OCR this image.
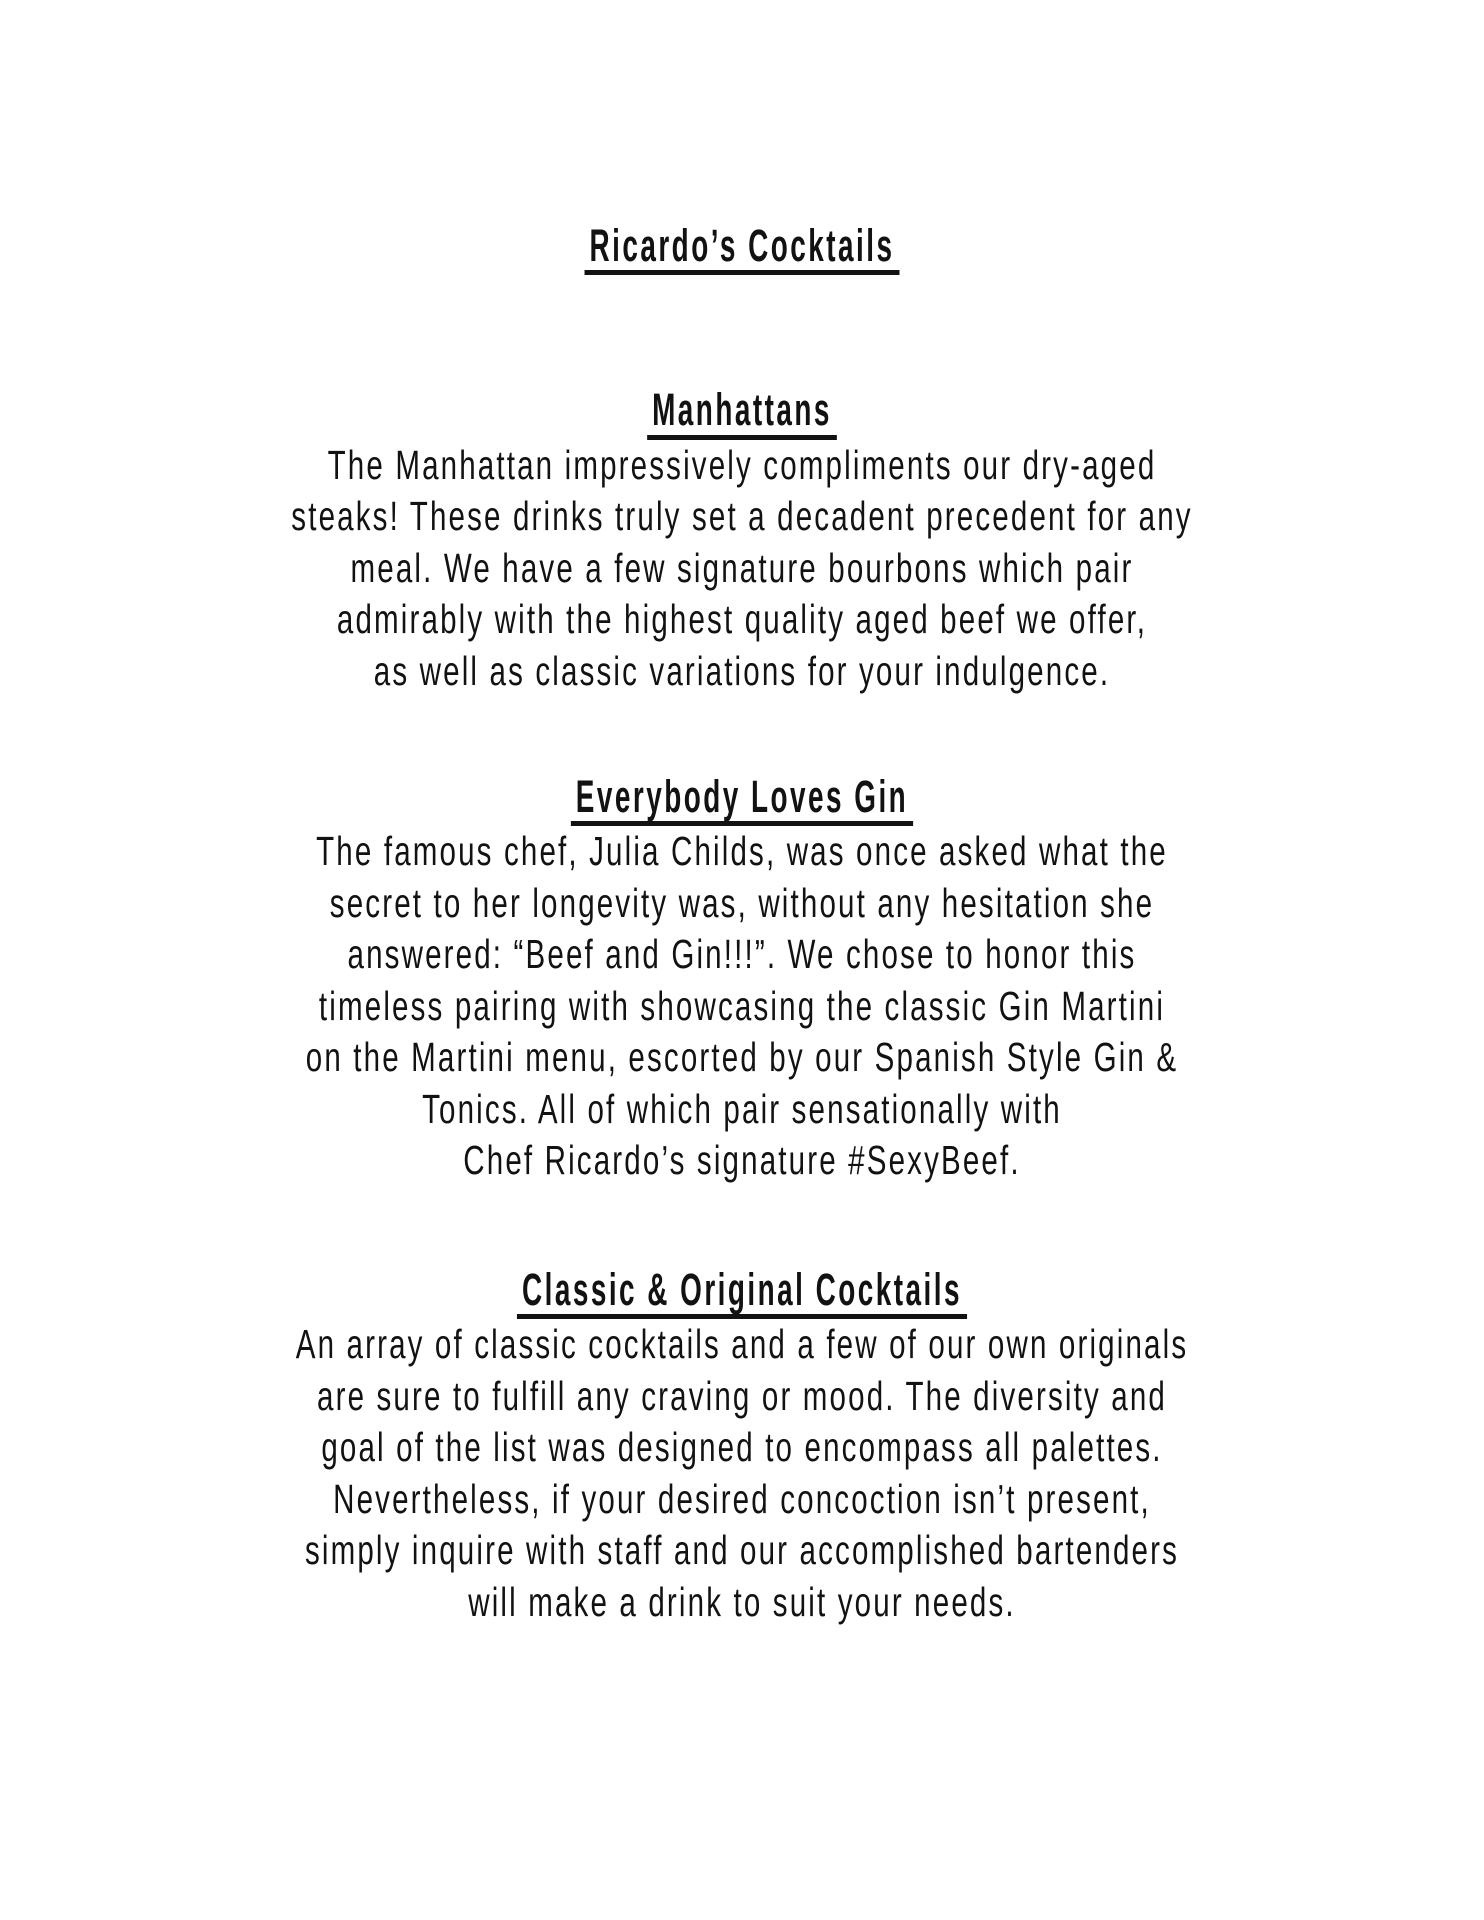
Ricardo’s Cocktails
Manhattans
The Manhattan impressively compliments our dry-aged
steaks! These drinks truly set a decadent precedent for any
meal. We have a few signature bourbons which pair
admirably with the highest quality aged beef we offer,
as well as classic variations for your indulgence.
Everybody Loves Gin
The famous chef, Julia Childs, was once asked what the
secret to her longevity was, without any hesitation she
answered: “Beef and Gin!!!”. We chose to honor this
timeless pairing with showcasing the classic Gin Martini
on the Martini menu, escorted by our Spanish Style Gin &
Tonics. All of which pair sensationally with
Chef Ricardo’s signature #SexyBeef.
Classic & Original Cocktails
An array of classic cocktails and a few of our own originals
are sure to fulfill any craving or mood. The diversity and
goal of the list was designed to encompass all palettes.
Nevertheless, if your desired concoction isn’t present,
simply inquire with staff and our accomplished bartenders
will make a drink to suit your needs.
